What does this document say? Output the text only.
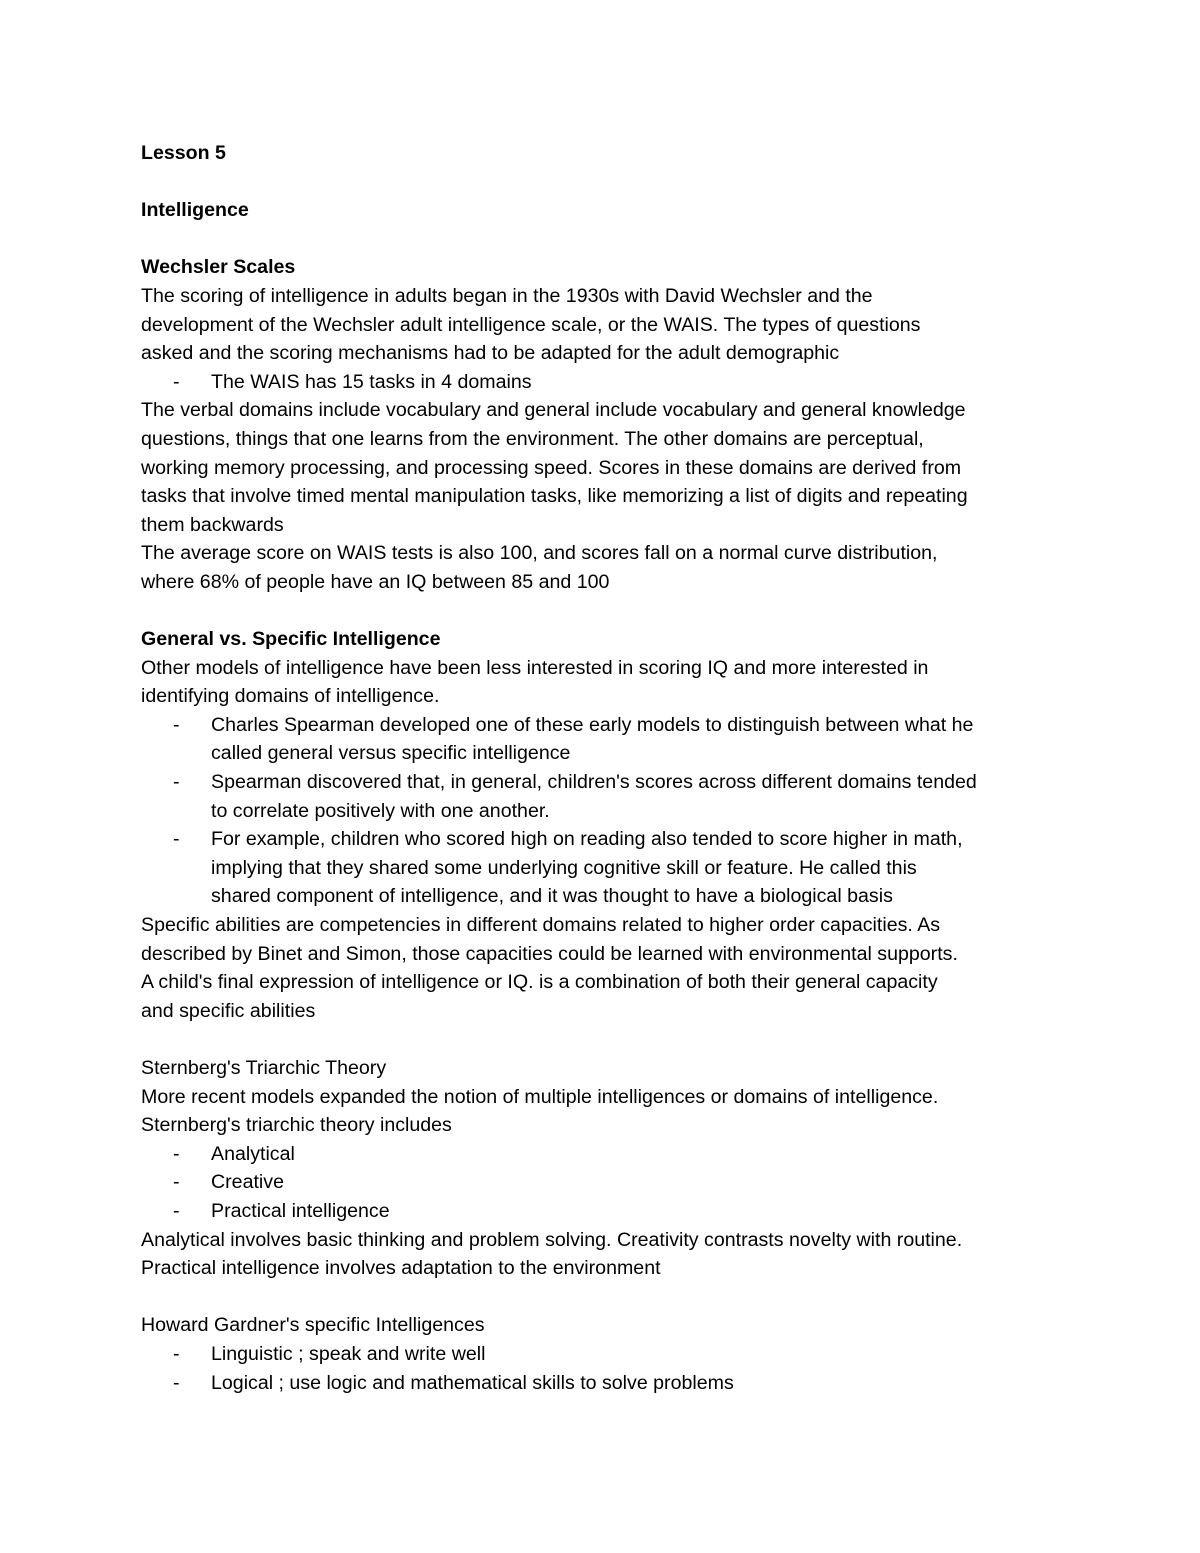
Lesson 5
Intelligence
Wechsler Scales
The scoring of intelligence in adults began in the 1930s with David Wechsler and the
development of the Wechsler adult intelligence scale, or the WAIS. The types of questions
asked and the scoring mechanisms had to be adapted for the adult demographic
- The WAIS has 15 tasks in 4 domains
The verbal domains include vocabulary and general include vocabulary and general knowledge
questions, things that one learns from the environment. The other domains are perceptual,
working memory processing, and processing speed. Scores in these domains are derived from
tasks that involve timed mental manipulation tasks, like memorizing a list of digits and repeating
them backwards
The average score on WAIS tests is also 100, and scores fall on a normal curve distribution,
where 68% of people have an IQ between 85 and 100
General vs. Specific Intelligence
Other models of intelligence have been less interested in scoring IQ and more interested in
identifying domains of intelligence.
- Charles Spearman developed one of these early models to distinguish between what he
called general versus specific intelligence
- Spearman discovered that, in general, children's scores across different domains tended
to correlate positively with one another.
- For example, children who scored high on reading also tended to score higher in math,
implying that they shared some underlying cognitive skill or feature. He called this
shared component of intelligence, and it was thought to have a biological basis
Specific abilities are competencies in different domains related to higher order capacities. As
described by Binet and Simon, those capacities could be learned with environmental supports.
A child's final expression of intelligence or IQ. is a combination of both their general capacity
and specific abilities
Sternberg's Triarchic Theory
More recent models expanded the notion of multiple intelligences or domains of intelligence.
Sternberg's triarchic theory includes
- Analytical
- Creative
- Practical intelligence
Analytical involves basic thinking and problem solving. Creativity contrasts novelty with routine.
Practical intelligence involves adaptation to the environment
Howard Gardner's specific Intelligences
- Linguistic ; speak and write well
- Logical ; use logic and mathematical skills to solve problems
